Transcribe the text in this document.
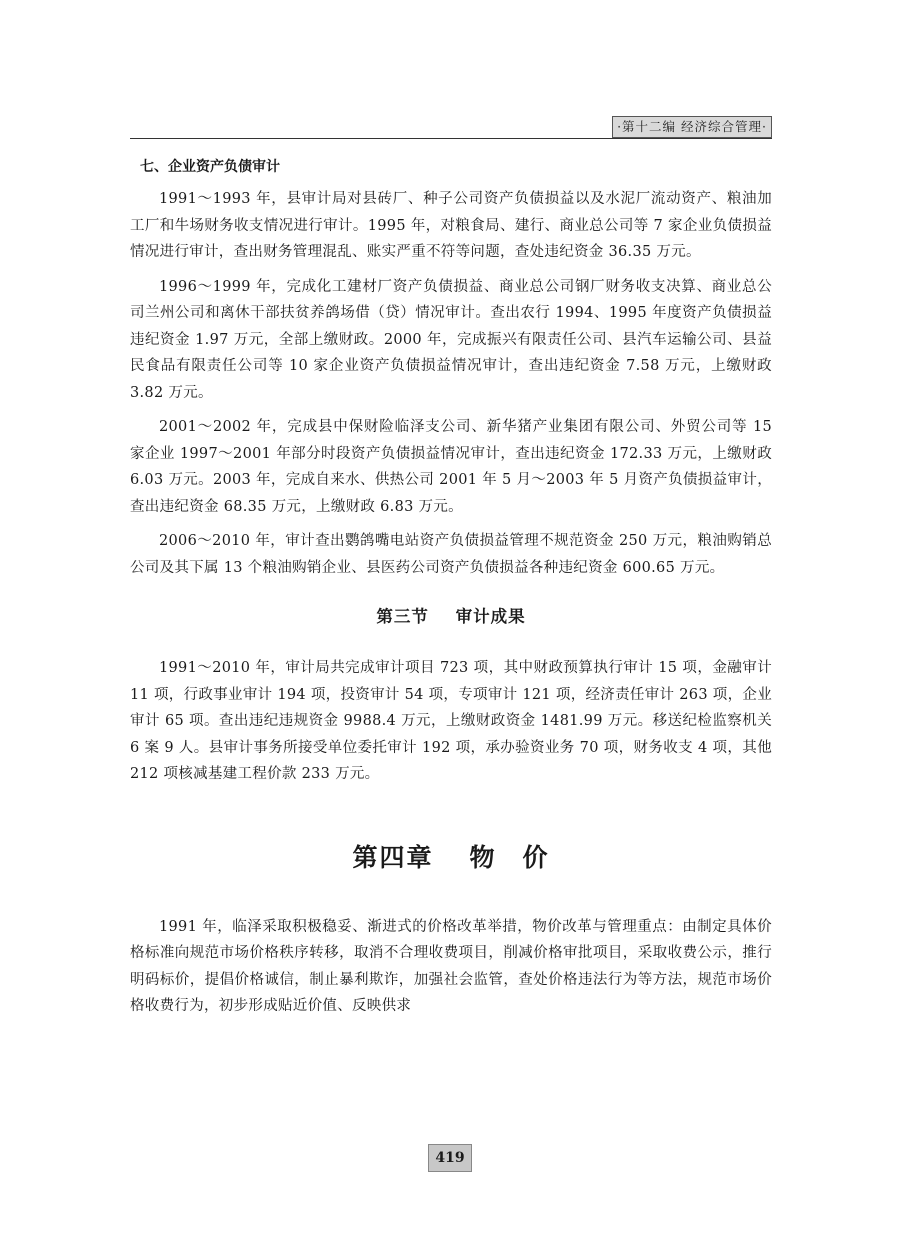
·第十二编 经济综合管理·
七、企业资产负债审计

1991～1993 年，县审计局对县砖厂、种子公司资产负债损益以及水泥厂流动资产、粮油加工厂和牛场财务收支情况进行审计。1995 年，对粮食局、建行、商业总公司等 7 家企业负债损益情况进行审计，查出财务管理混乱、账实严重不符等问题，查处违纪资金 36.35 万元。

1996～1999 年，完成化工建材厂资产负债损益、商业总公司钢厂财务收支决算、商业总公司兰州公司和离休干部扶贫养鸽场借（贷）情况审计。查出农行 1994、1995 年度资产负债损益违纪资金 1.97 万元，全部上缴财政。2000 年，完成振兴有限责任公司、县汽车运输公司、县益民食品有限责任公司等 10 家企业资产负债损益情况审计，查出违纪资金 7.58 万元，上缴财政 3.82 万元。

2001～2002 年，完成县中保财险临泽支公司、新华猪产业集团有限公司、外贸公司等 15 家企业 1997～2001 年部分时段资产负债损益情况审计，查出违纪资金 172.33 万元，上缴财政 6.03 万元。2003 年，完成自来水、供热公司 2001 年 5 月～2003 年 5 月资产负债损益审计，查出违纪资金 68.35 万元，上缴财政 6.83 万元。

2006～2010 年，审计查出鹦鸽嘴电站资产负债损益管理不规范资金 250 万元，粮油购销总公司及其下属 13 个粮油购销企业、县医药公司资产负债损益各种违纪资金 600.65 万元。

第三节 审计成果

1991～2010 年，审计局共完成审计项目 723 项，其中财政预算执行审计 15 项，金融审计 11 项，行政事业审计 194 项，投资审计 54 项，专项审计 121 项，经济责任审计 263 项，企业审计 65 项。查出违纪违规资金 9988.4 万元，上缴财政资金 1481.99 万元。移送纪检监察机关 6 案 9 人。县审计事务所接受单位委托审计 192 项，承办验资业务 70 项，财务收支 4 项，其他 212 项核减基建工程价款 233 万元。

第四章 物 价

1991 年，临泽采取积极稳妥、渐进式的价格改革举措，物价改革与管理重点：由制定具体价格标准向规范市场价格秩序转移，取消不合理收费项目，削减价格审批项目，采取收费公示，推行明码标价，提倡价格诚信，制止暴利欺诈，加强社会监管，查处价格违法行为等方法，规范市场价格收费行为，初步形成贴近价值、反映供求

419
